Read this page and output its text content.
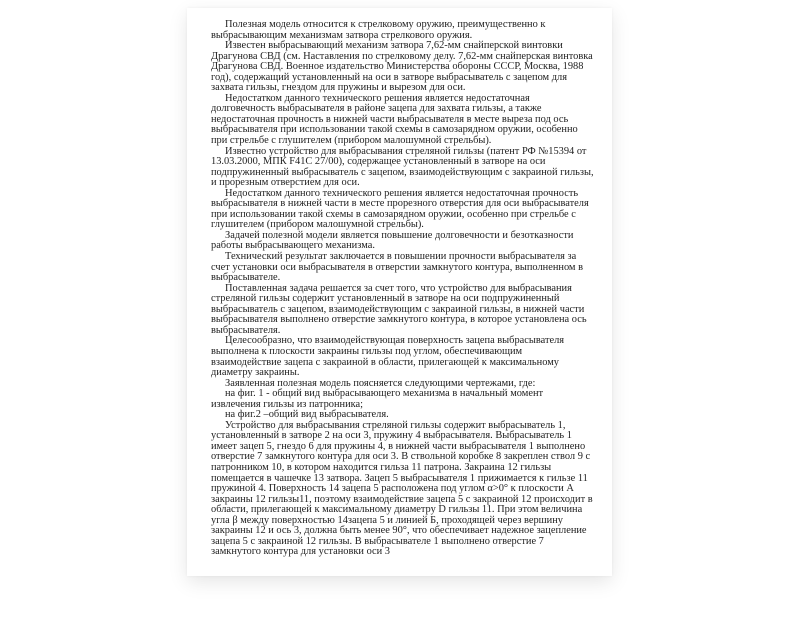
Полезная модель относится к стрелковому оружию, преимущественно к выбрасывающим механизмам затвора стрелкового оружия.

Известен выбрасывающий механизм затвора 7,62-мм снайперской винтовки Драгунова СВД (см. Наставления по стрелковому делу. 7,62-мм снайперская винтовка Драгунова СВД. Военное издательство Министерства обороны СССР, Москва, 1988 год), содержащий установленный на оси в затворе выбрасыватель с зацепом для захвата гильзы, гнездом для пружины и вырезом для оси.

Недостатком данного технического решения является недостаточная долговечность выбрасывателя в районе зацепа для захвата гильзы, а также недостаточная прочность в нижней части выбрасывателя в месте выреза под ось выбрасывателя при использовании такой схемы в самозарядном оружии, особенно при стрельбе с глушителем (прибором малошумной стрельбы).

Известно устройство для выбрасывания стреляной гильзы (патент РФ №15394 от 13.03.2000, МПК F41C 27/00), содержащее установленный в затворе на оси подпружиненный выбрасыватель с зацепом, взаимодействующим с закраиной гильзы, и прорезным отверстием для оси.

Недостатком данного технического решения является недостаточная прочность выбрасывателя в нижней части в месте прорезного отверстия для оси выбрасывателя при использовании такой схемы в самозарядном оружии, особенно при стрельбе с глушителем (прибором малошумной стрельбы).

Задачей полезной модели является повышение долговечности и безотказности работы выбрасывающего механизма.

Технический результат заключается в повышении прочности выбрасывателя за счет установки оси выбрасывателя в отверстии замкнутого контура, выполненном в выбрасывателе.

Поставленная задача решается за счет того, что устройство для выбрасывания стреляной гильзы содержит установленный в затворе на оси подпружиненный выбрасыватель с зацепом, взаимодействующим с закраиной гильзы, в нижней части выбрасывателя выполнено отверстие замкнутого контура, в которое установлена ось выбрасывателя.

Целесообразно, что взаимодействующая поверхность зацепа выбрасывателя выполнена к плоскости закраины гильзы под углом, обеспечивающим взаимодействие зацепа с закраиной в области, прилегающей к максимальному диаметру закраины.

Заявленная полезная модель поясняется следующими чертежами, где:

на фиг. 1 - общий вид выбрасывающего механизма в начальный момент извлечения гильзы из патронника;

на фиг.2 –общий вид выбрасывателя.

Устройство для выбрасывания стреляной гильзы содержит выбрасыватель 1, установленный в затворе 2 на оси 3, пружину 4 выбрасывателя. Выбрасыватель 1 имеет зацеп 5, гнездо 6 для пружины 4, в нижней части выбрасывателя 1 выполнено отверстие 7 замкнутого контура для оси 3. В ствольной коробке 8 закреплен ствол 9 с патронником 10, в котором находится гильза 11 патрона. Закраина 12 гильзы помещается в чашечке 13 затвора. Зацеп 5 выбрасывателя 1 прижимается к гильзе 11 пружиной 4. Поверхность 14 зацепа 5 расположена под углом α>0° к плоскости А закраины 12 гильзы11, поэтому взаимодействие зацепа 5 с закраиной 12 происходит в области, прилегающей к максимальному диаметру D гильзы 11. При этом величина угла β между поверхностью 14зацепа 5 и линией Б, проходящей через вершину закраины 12 и ось 3, должна быть менее 90°, что обеспечивает надежное зацепление зацепа 5 с закраиной 12 гильзы. В выбрасывателе 1 выполнено отверстие 7 замкнутого контура для установки оси 3
